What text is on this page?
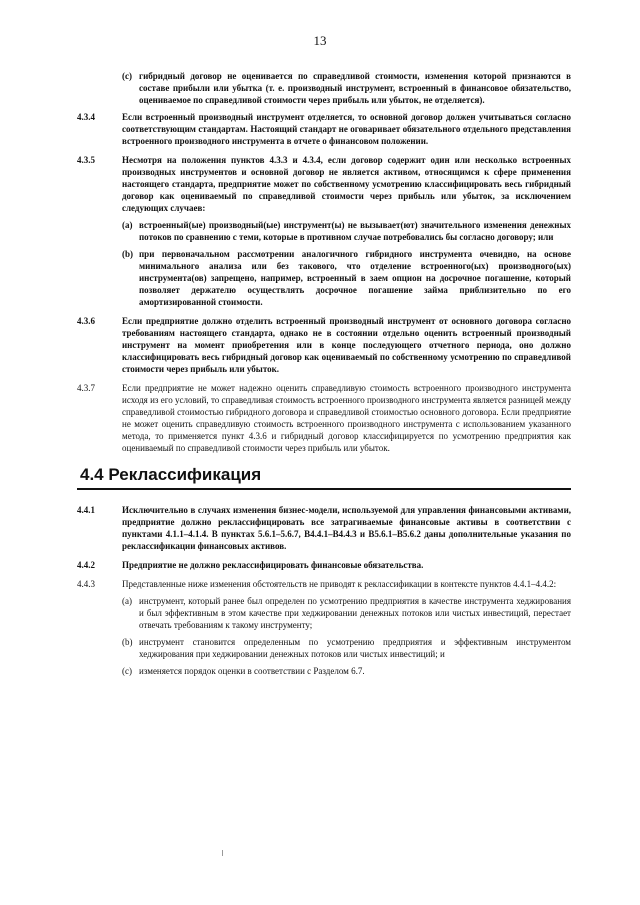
13
(c) гибридный договор не оценивается по справедливой стоимости, изменения которой признаются в составе прибыли или убытка (т. е. производный инструмент, встроенный в финансовое обязательство, оцениваемое по справедливой стоимости через прибыль или убыток, не отделяется).
4.3.4	Если встроенный производный инструмент отделяется, то основной договор должен учитываться согласно соответствующим стандартам. Настоящий стандарт не оговаривает обязательного отдельного представления встроенного производного инструмента в отчете о финансовом положении.
4.3.5	Несмотря на положения пунктов 4.3.3 и 4.3.4, если договор содержит один или несколько встроенных производных инструментов и основной договор не является активом, относящимся к сфере применения настоящего стандарта, предприятие может по собственному усмотрению классифицировать весь гибридный договор как оцениваемый по справедливой стоимости через прибыль или убыток, за исключением следующих случаев:
(a) встроенный(ые) производный(ые) инструмент(ы) не вызывает(ют) значительного изменения денежных потоков по сравнению с теми, которые в противном случае потребовались бы согласно договору; или
(b) при первоначальном рассмотрении аналогичного гибридного инструмента очевидно, на основе минимального анализа или без такового, что отделение встроенного(ых) производного(ых) инструмента(ов) запрещено, например, встроенный в заем опцион на досрочное погашение, который позволяет держателю осуществлять досрочное погашение займа приблизительно по его амортизированной стоимости.
4.3.6	Если предприятие должно отделить встроенный производный инструмент от основного договора согласно требованиям настоящего стандарта, однако не в состоянии отдельно оценить встроенный производный инструмент на момент приобретения или в конце последующего отчетного периода, оно должно классифицировать весь гибридный договор как оцениваемый по собственному усмотрению по справедливой стоимости через прибыль или убыток.
4.3.7	Если предприятие не может надежно оценить справедливую стоимость встроенного производного инструмента исходя из его условий, то справедливая стоимость встроенного производного инструмента является разницей между справедливой стоимостью гибридного договора и справедливой стоимостью основного договора. Если предприятие не может оценить справедливую стоимость встроенного производного инструмента с использованием указанного метода, то применяется пункт 4.3.6 и гибридный договор классифицируется по усмотрению предприятия как оцениваемый по справедливой стоимости через прибыль или убыток.
4.4 Реклассификация
4.4.1	Исключительно в случаях изменения бизнес-модели, используемой для управления финансовыми активами, предприятие должно реклассифицировать все затрагиваемые финансовые активы в соответствии с пунктами 4.1.1–4.1.4. В пунктах 5.6.1–5.6.7, B4.4.1–B4.4.3 и B5.6.1–B5.6.2 даны дополнительные указания по реклассификации финансовых активов.
4.4.2	Предприятие не должно реклассифицировать финансовые обязательства.
4.4.3	Представленные ниже изменения обстоятельств не приводят к реклассификации в контексте пунктов 4.4.1–4.4.2:
(a) инструмент, который ранее был определен по усмотрению предприятия в качестве инструмента хеджирования и был эффективным в этом качестве при хеджировании денежных потоков или чистых инвестиций, перестает отвечать требованиям к такому инструменту;
(b) инструмент становится определенным по усмотрению предприятия и эффективным инструментом хеджирования при хеджировании денежных потоков или чистых инвестиций; и
(c) изменяется порядок оценки в соответствии с Разделом 6.7.
